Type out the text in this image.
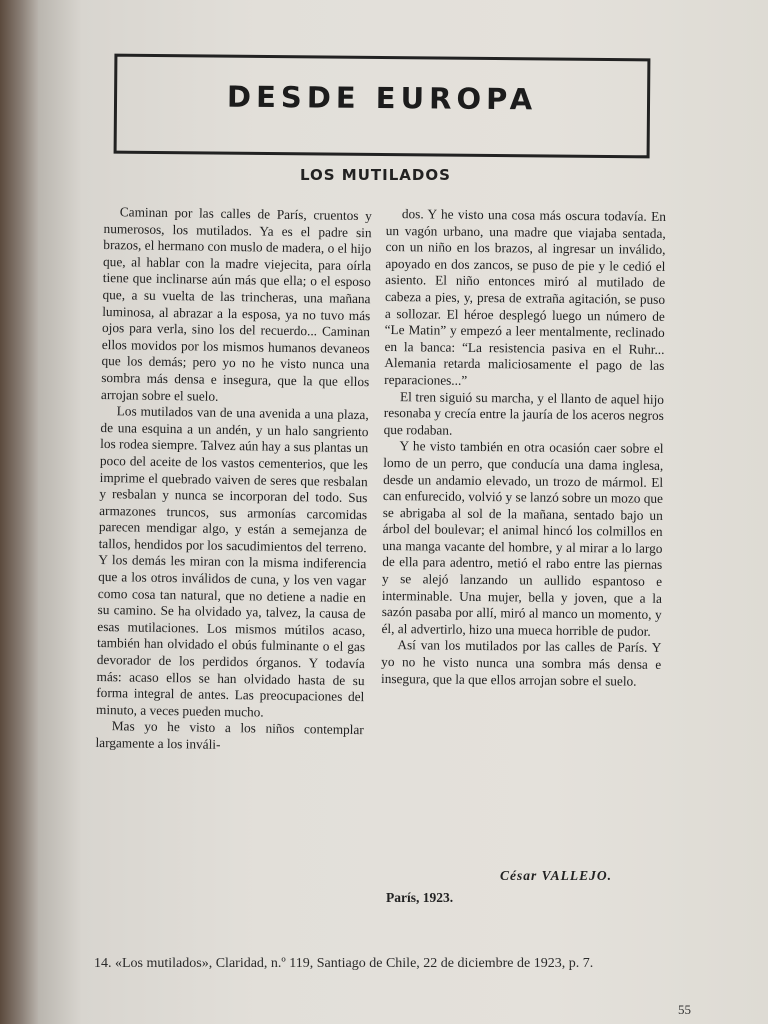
DESDE EUROPA
LOS MUTILADOS

Caminan por las calles de París, cruentos y numerosos, los mutilados. Ya es el padre sin brazos, el hermano con muslo de madera, o el hijo que, al hablar con la madre viejecita, para oírla tiene que inclinarse aún más que ella; o el esposo que, a su vuelta de las trincheras, una mañana luminosa, al abrazar a la esposa, ya no tuvo más ojos para verla, sino los del recuerdo... Caminan ellos movidos por los mismos humanos devaneos que los demás; pero yo no he visto nunca una sombra más densa e insegura, que la que ellos arrojan sobre el suelo.

Los mutilados van de una avenida a una plaza, de una esquina a un andén, y un halo sangriento los rodea siempre. Talvez aún hay a sus plantas un poco del aceite de los vastos cementerios, que les imprime el quebrado vaiven de seres que resbalan y resbalan y nunca se incorporan del todo. Sus armazones truncos, sus armonías carcomidas parecen mendigar algo, y están a semejanza de tallos, hendidos por los sacudimientos del terreno. Y los demás les miran con la misma indiferencia que a los otros inválidos de cuna, y los ven vagar como cosa tan natural, que no detiene a nadie en su camino. Se ha olvidado ya, talvez, la causa de esas mutilaciones. Los mismos mútilos acaso, también han olvidado el obús fulminante o el gas devorador de los perdidos órganos. Y todavía más: acaso ellos se han olvidado hasta de su forma integral de antes. Las preocupaciones del minuto, a veces pueden mucho.

Mas yo he visto a los niños contemplar largamente a los inváli-

dos. Y he visto una cosa más oscura todavía. En un vagón urbano, una madre que viajaba sentada, con un niño en los brazos, al ingresar un inválido, apoyado en dos zancos, se puso de pie y le cedió el asiento. El niño entonces miró al mutilado de cabeza a pies, y, presa de extraña agitación, se puso a sollozar. El héroe desplegó luego un número de “Le Matin” y empezó a leer mentalmente, reclinado en la banca: “La resistencia pasiva en el Ruhr... Alemania retarda maliciosamente el pago de las reparaciones...”

El tren siguió su marcha, y el llanto de aquel hijo resonaba y crecía entre la jauría de los aceros negros que rodaban.

Y he visto también en otra ocasión caer sobre el lomo de un perro, que conducía una dama inglesa, desde un andamio elevado, un trozo de mármol. El can enfurecido, volvió y se lanzó sobre un mozo que se abrigaba al sol de la mañana, sentado bajo un árbol del boulevar; el animal hincó los colmillos en una manga vacante del hombre, y al mirar a lo largo de ella para adentro, metió el rabo entre las piernas y se alejó lanzando un aullido espantoso e interminable. Una mujer, bella y joven, que a la sazón pasaba por allí, miró al manco un momento, y él, al advertirlo, hizo una mueca horrible de pudor.

Así van los mutilados por las calles de París. Y yo no he visto nunca una sombra más densa e insegura, que la que ellos arrojan sobre el suelo.

César VALLEJO.
París, 1923.
14. «Los mutilados», Claridad, n.º 119, Santiago de Chile, 22 de diciembre de 1923, p. 7.
55
